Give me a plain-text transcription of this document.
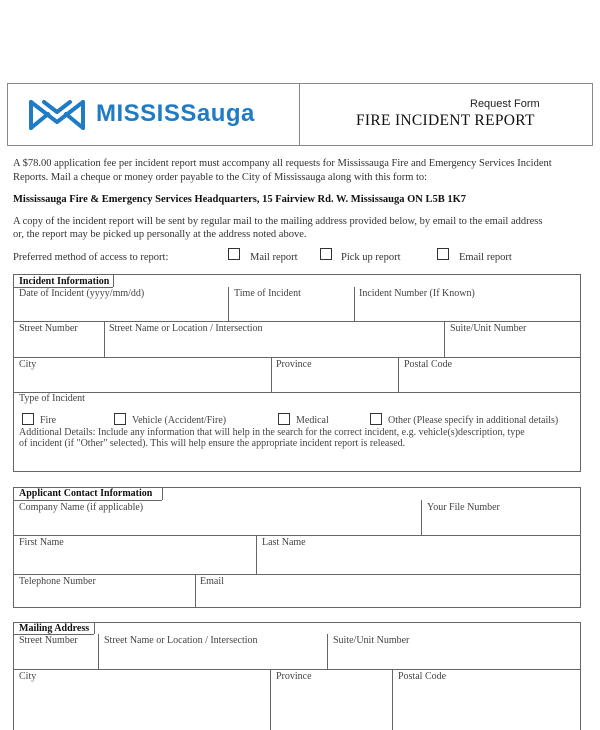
MISSISSauga	Request Form
FIRE INCIDENT REPORT
A $78.00 application fee per incident report must accompany all requests for Mississauga Fire and Emergency Services Incident
Reports. Mail a cheque or money order payable to the City of Mississauga along with this form to:
Mississauga Fire & Emergency Services Headquarters, 15 Fairview Rd. W. Mississauga ON L5B 1K7
A copy of the incident report will be sent by regular mail to the mailing address provided below, by email to the email address
or, the report may be picked up personally at the address noted above.
Preferred method of access to report:	Mail report	Pick up report	Email report
Incident Information
Date of Incident (yyyy/mm/dd)	Time of Incident	Incident Number (If Known)
Street Number	Street Name or Location / Intersection	Suite/Unit Number
City	Province	Postal Code
Type of Incident
Fire	Vehicle (Accident/Fire)	Medical	Other (Please specify in additional details)
Additional Details: Include any information that will help in the search for the correct incident, e.g. vehicle(s)description, type
of incident (if "Other" selected). This will help ensure the appropriate incident report is released.
Applicant Contact Information
Company Name (if applicable)	Your File Number
First Name	Last Name
Telephone Number	Email
Mailing Address
Street Number	Street Name or Location / Intersection	Suite/Unit Number
City	Province	Postal Code
